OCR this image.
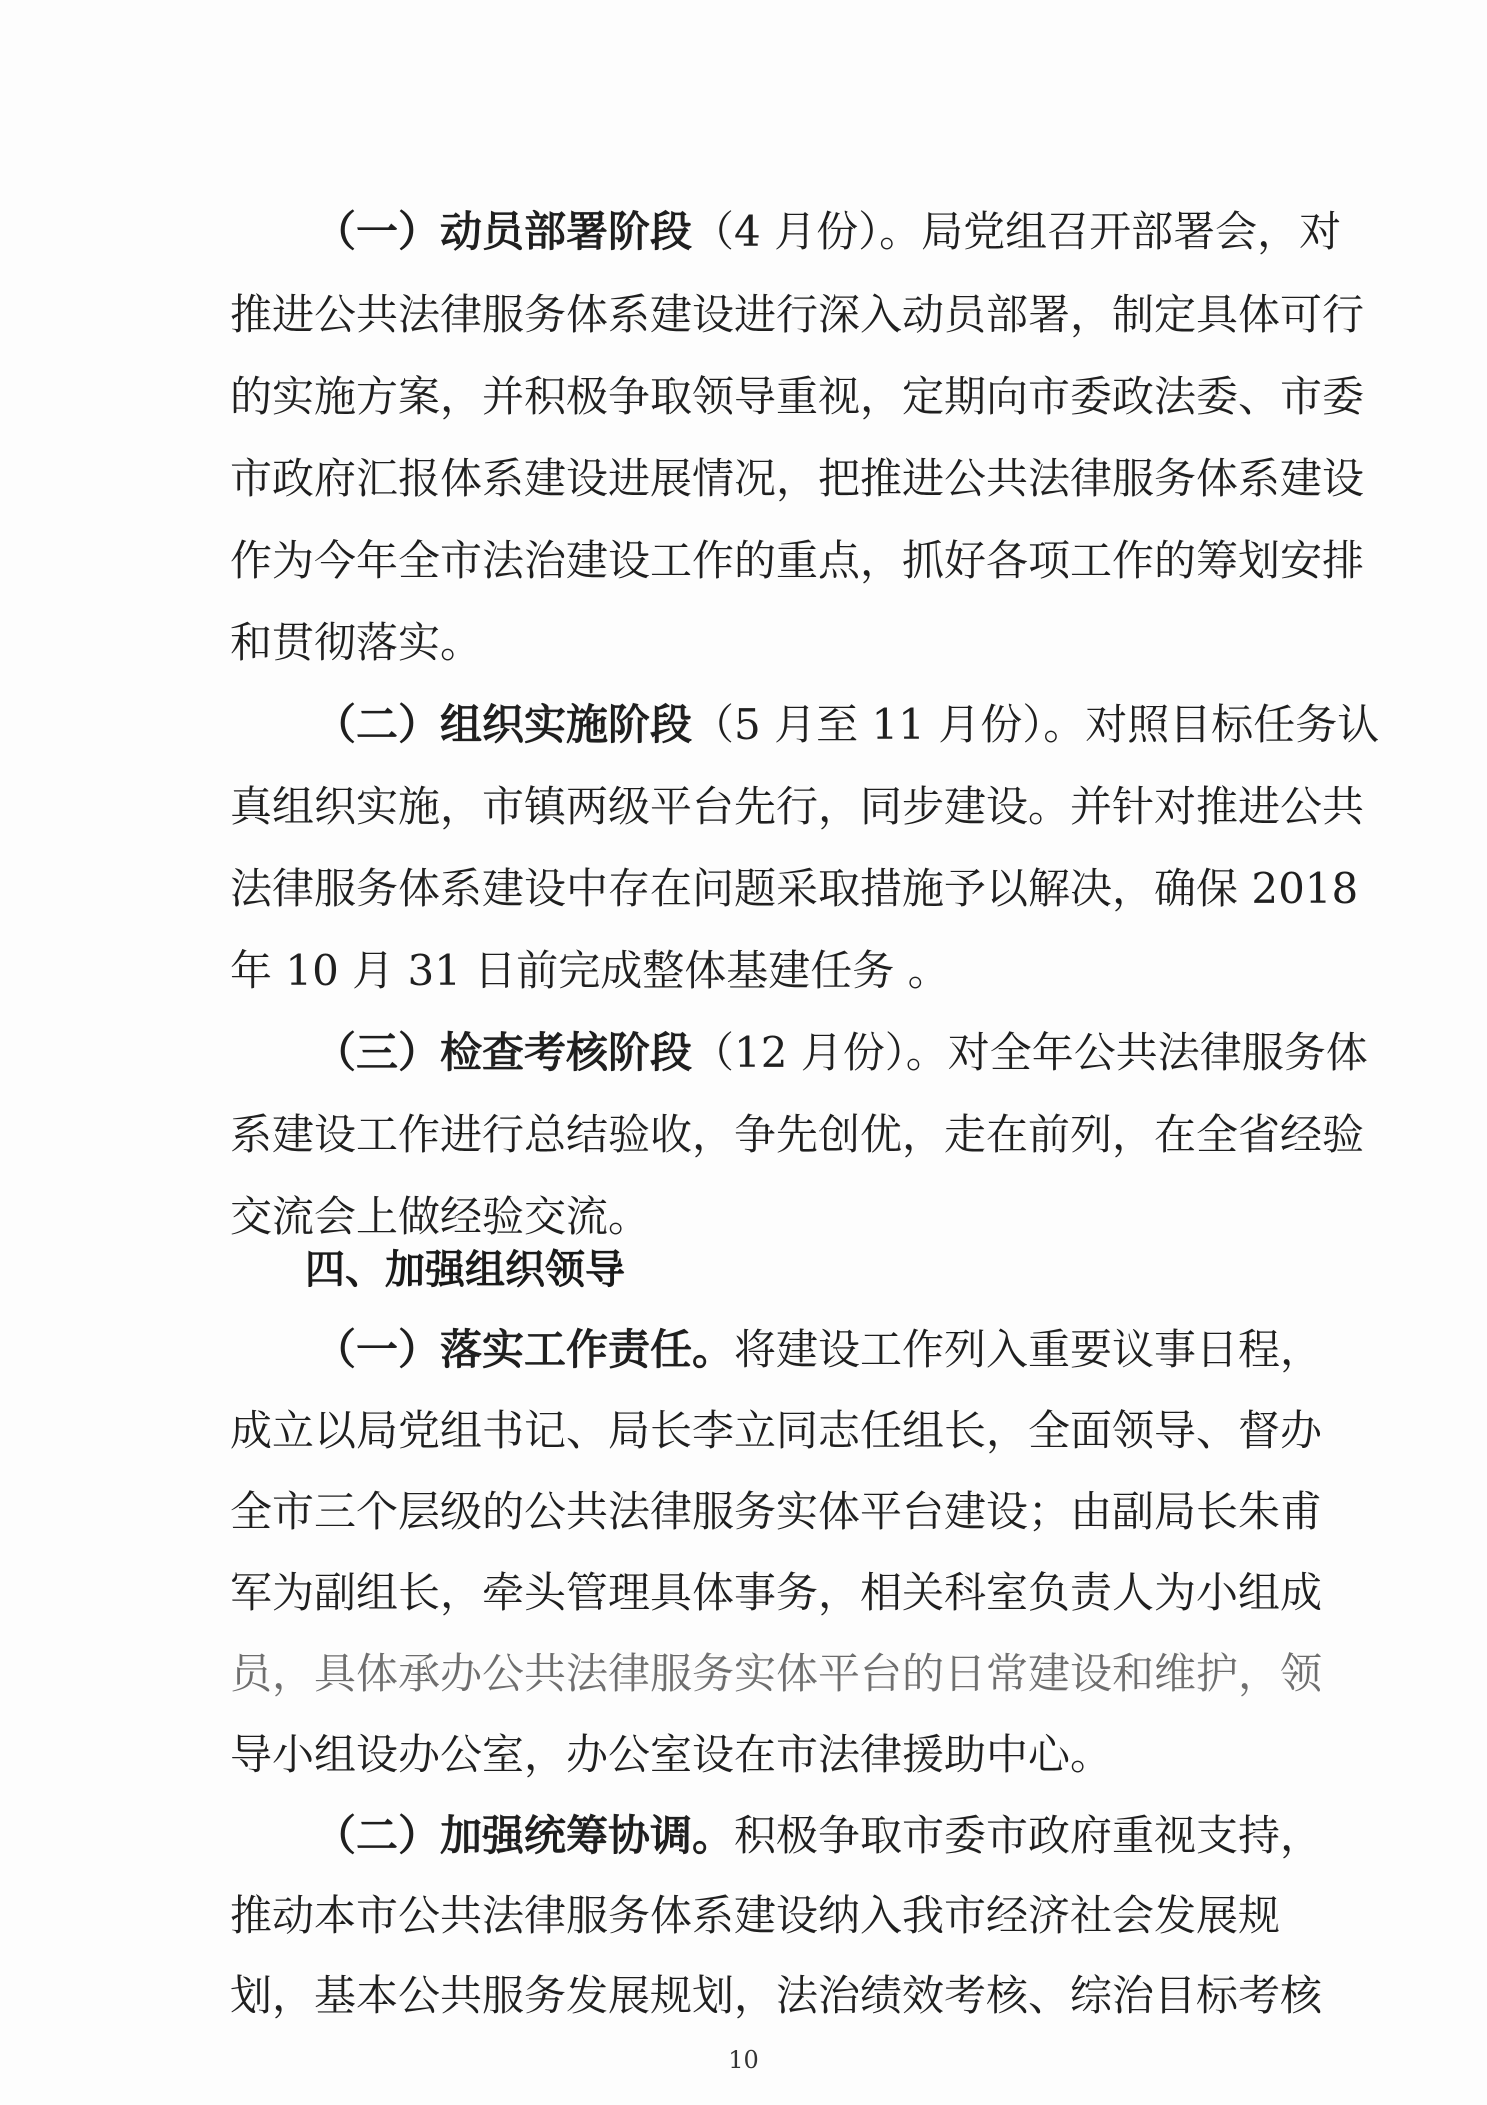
（一）动员部署阶段（4 月份）。局党组召开部署会，对
推进公共法律服务体系建设进行深入动员部署，制定具体可行
的实施方案，并积极争取领导重视，定期向市委政法委、市委
市政府汇报体系建设进展情况，把推进公共法律服务体系建设
作为今年全市法治建设工作的重点，抓好各项工作的筹划安排
和贯彻落实。
（二）组织实施阶段（5 月至 11 月份）。对照目标任务认
真组织实施，市镇两级平台先行，同步建设。并针对推进公共
法律服务体系建设中存在问题采取措施予以解决，确保 2018
年 10 月 31 日前完成整体基建任务 。
（三）检查考核阶段（12 月份）。对全年公共法律服务体
系建设工作进行总结验收，争先创优，走在前列，在全省经验
交流会上做经验交流。
四、加强组织领导
（一）落实工作责任。将建设工作列入重要议事日程，
成立以局党组书记、局长李立同志任组长，全面领导、督办
全市三个层级的公共法律服务实体平台建设；由副局长朱甫
军为副组长，牵头管理具体事务，相关科室负责人为小组成
员，具体承办公共法律服务实体平台的日常建设和维护，领
导小组设办公室，办公室设在市法律援助中心。
（二）加强统筹协调。积极争取市委市政府重视支持，
推动本市公共法律服务体系建设纳入我市经济社会发展规
划，基本公共服务发展规划，法治绩效考核、综治目标考核
10
